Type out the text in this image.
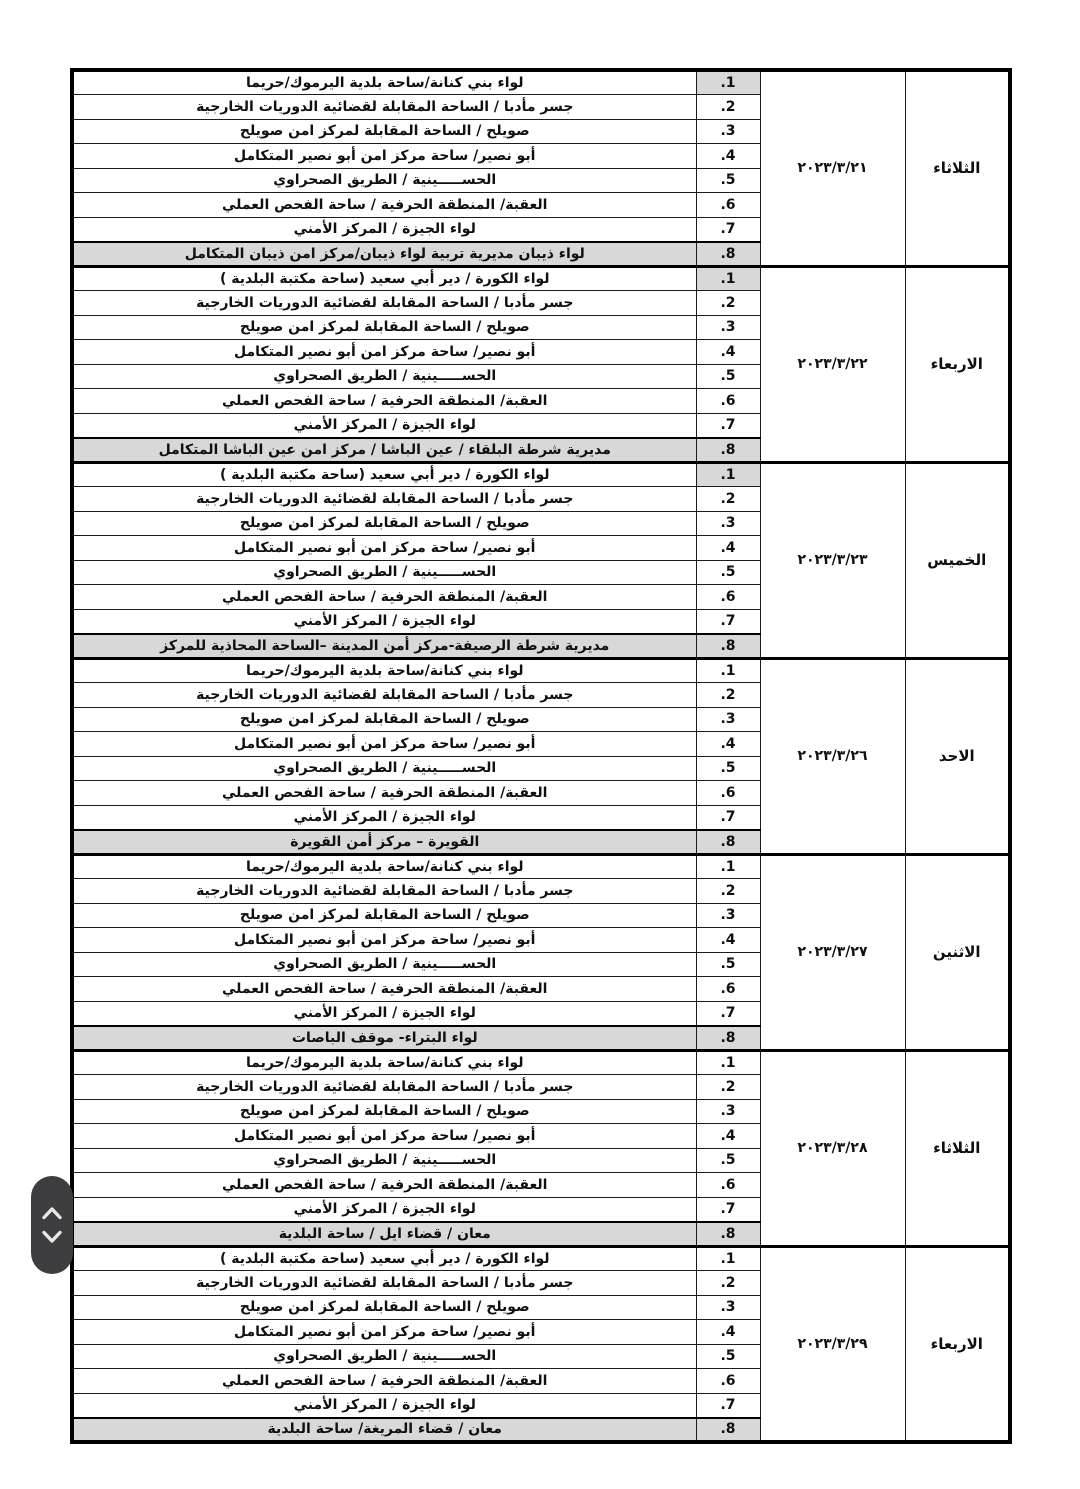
الثلاثاء	٢٠٢٣/٣/٢١	.1	لواء بني كنانة/ساحة بلدية اليرموك/حريما
		.2	جسر مأدبا / الساحة المقابلة لقضائية الدوريات الخارجية
		.3	صويلح / الساحة المقابلة لمركز امن صويلح
		.4	أبو نصير/ ساحة مركز امن أبو نصير المتكامل
		.5	الحســـــينية / الطريق الصحراوي
		.6	العقبة/ المنطقة الحرفية / ساحة الفحص العملي
		.7	لواء الجيزة / المركز الأمني
		.8	لواء ذيبان مديرية تربية لواء ذيبان/مركز امن ذيبان المتكامل
الاربعاء	٢٠٢٣/٣/٢٢	.1	لواء الكورة / دير أبي سعيد (ساحة مكتبة البلدية )
		.2	جسر مأدبا / الساحة المقابلة لقضائية الدوريات الخارجية
		.3	صويلح / الساحة المقابلة لمركز امن صويلح
		.4	أبو نصير/ ساحة مركز امن أبو نصير المتكامل
		.5	الحســـــينية / الطريق الصحراوي
		.6	العقبة/ المنطقة الحرفية / ساحة الفحص العملي
		.7	لواء الجيزة / المركز الأمني
		.8	مديرية شرطة البلقاء / عين الباشا / مركز امن عين الباشا المتكامل
الخميس	٢٠٢٣/٣/٢٣	.1	لواء الكورة / دير أبي سعيد (ساحة مكتبة البلدية )
		.2	جسر مأدبا / الساحة المقابلة لقضائية الدوريات الخارجية
		.3	صويلح / الساحة المقابلة لمركز امن صويلح
		.4	أبو نصير/ ساحة مركز امن أبو نصير المتكامل
		.5	الحســـــينية / الطريق الصحراوي
		.6	العقبة/ المنطقة الحرفية / ساحة الفحص العملي
		.7	لواء الجيزة / المركز الأمني
		.8	مديرية شرطة الرصيفة-مركز أمن المدينة –الساحة المحاذية للمركز
الاحد	٢٠٢٣/٣/٢٦	.1	لواء بني كنانة/ساحة بلدية اليرموك/حريما
		.2	جسر مأدبا / الساحة المقابلة لقضائية الدوريات الخارجية
		.3	صويلح / الساحة المقابلة لمركز امن صويلح
		.4	أبو نصير/ ساحة مركز امن أبو نصير المتكامل
		.5	الحســـــينية / الطريق الصحراوي
		.6	العقبة/ المنطقة الحرفية / ساحة الفحص العملي
		.7	لواء الجيزة / المركز الأمني
		.8	القويرة – مركز أمن القويرة
الاثنين	٢٠٢٣/٣/٢٧	.1	لواء بني كنانة/ساحة بلدية اليرموك/حريما
		.2	جسر مأدبا / الساحة المقابلة لقضائية الدوريات الخارجية
		.3	صويلح / الساحة المقابلة لمركز امن صويلح
		.4	أبو نصير/ ساحة مركز امن أبو نصير المتكامل
		.5	الحســـــينية / الطريق الصحراوي
		.6	العقبة/ المنطقة الحرفية / ساحة الفحص العملي
		.7	لواء الجيزة / المركز الأمني
		.8	لواء البتراء- موقف الباصات
الثلاثاء	٢٠٢٣/٣/٢٨	.1	لواء بني كنانة/ساحة بلدية اليرموك/حريما
		.2	جسر مأدبا / الساحة المقابلة لقضائية الدوريات الخارجية
		.3	صويلح / الساحة المقابلة لمركز امن صويلح
		.4	أبو نصير/ ساحة مركز امن أبو نصير المتكامل
		.5	الحســـــينية / الطريق الصحراوي
		.6	العقبة/ المنطقة الحرفية / ساحة الفحص العملي
		.7	لواء الجيزة / المركز الأمني
		.8	معان / قضاء ايل / ساحة البلدية
الاربعاء	٢٠٢٣/٣/٢٩	.1	لواء الكورة / دير أبي سعيد (ساحة مكتبة البلدية )
		.2	جسر مأدبا / الساحة المقابلة لقضائية الدوريات الخارجية
		.3	صويلح / الساحة المقابلة لمركز امن صويلح
		.4	أبو نصير/ ساحة مركز امن أبو نصير المتكامل
		.5	الحســـــينية / الطريق الصحراوي
		.6	العقبة/ المنطقة الحرفية / ساحة الفحص العملي
		.7	لواء الجيزة / المركز الأمني
		.8	معان / قضاء المريغة/ ساحة البلدية
